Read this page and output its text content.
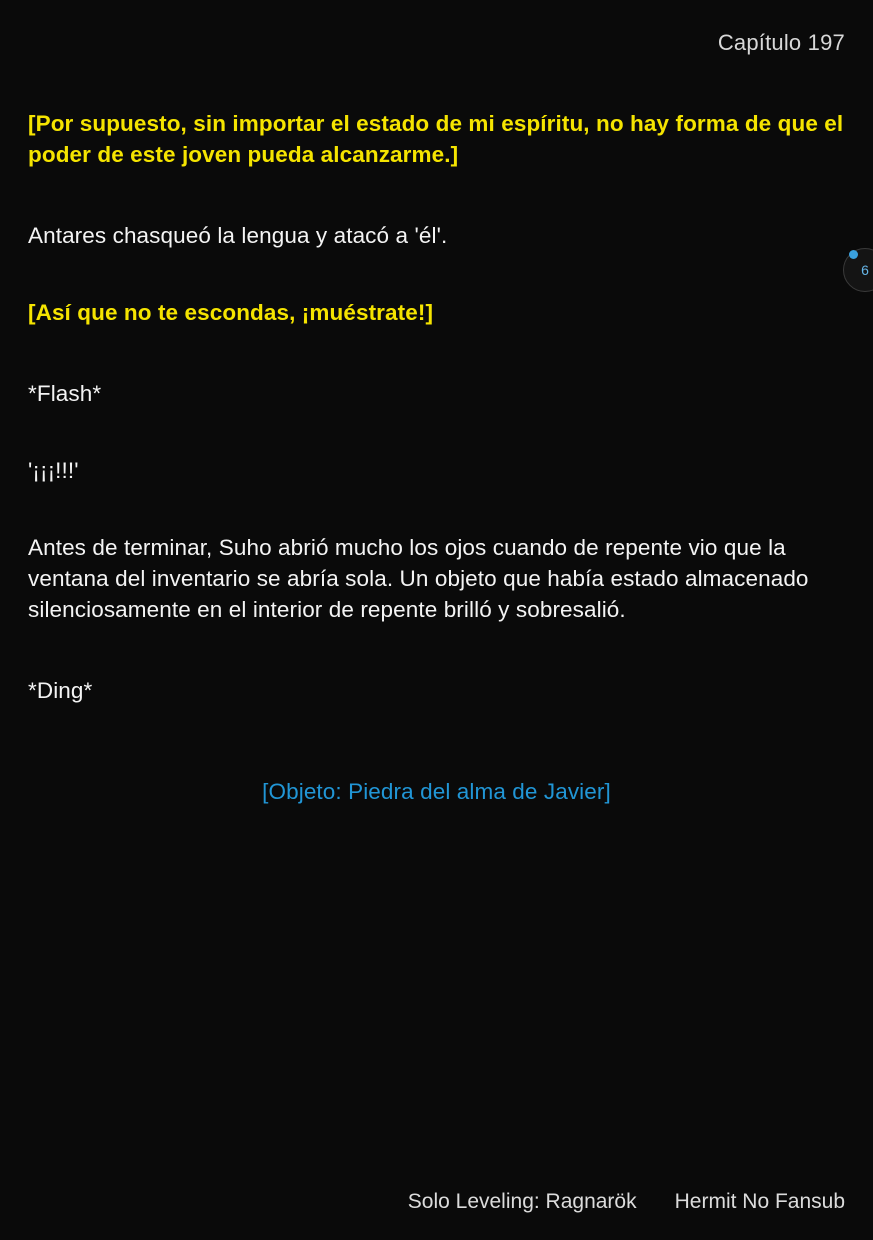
Capítulo 197
6

[Por supuesto, sin importar el estado de mi espíritu, no hay forma de que el poder de este joven pueda alcanzarme.]

Antares chasqueó la lengua y atacó a 'él'.

[Así que no te escondas, ¡muéstrate!]

*Flash*

'¡¡¡!!!'

Antes de terminar, Suho abrió mucho los ojos cuando de repente vio que la ventana del inventario se abría sola. Un objeto que había estado almacenado silenciosamente en el interior de repente brilló y sobresalió.

*Ding*

[Objeto: Piedra del alma de Javier]

Solo Leveling: Ragnarök Hermit No Fansub
